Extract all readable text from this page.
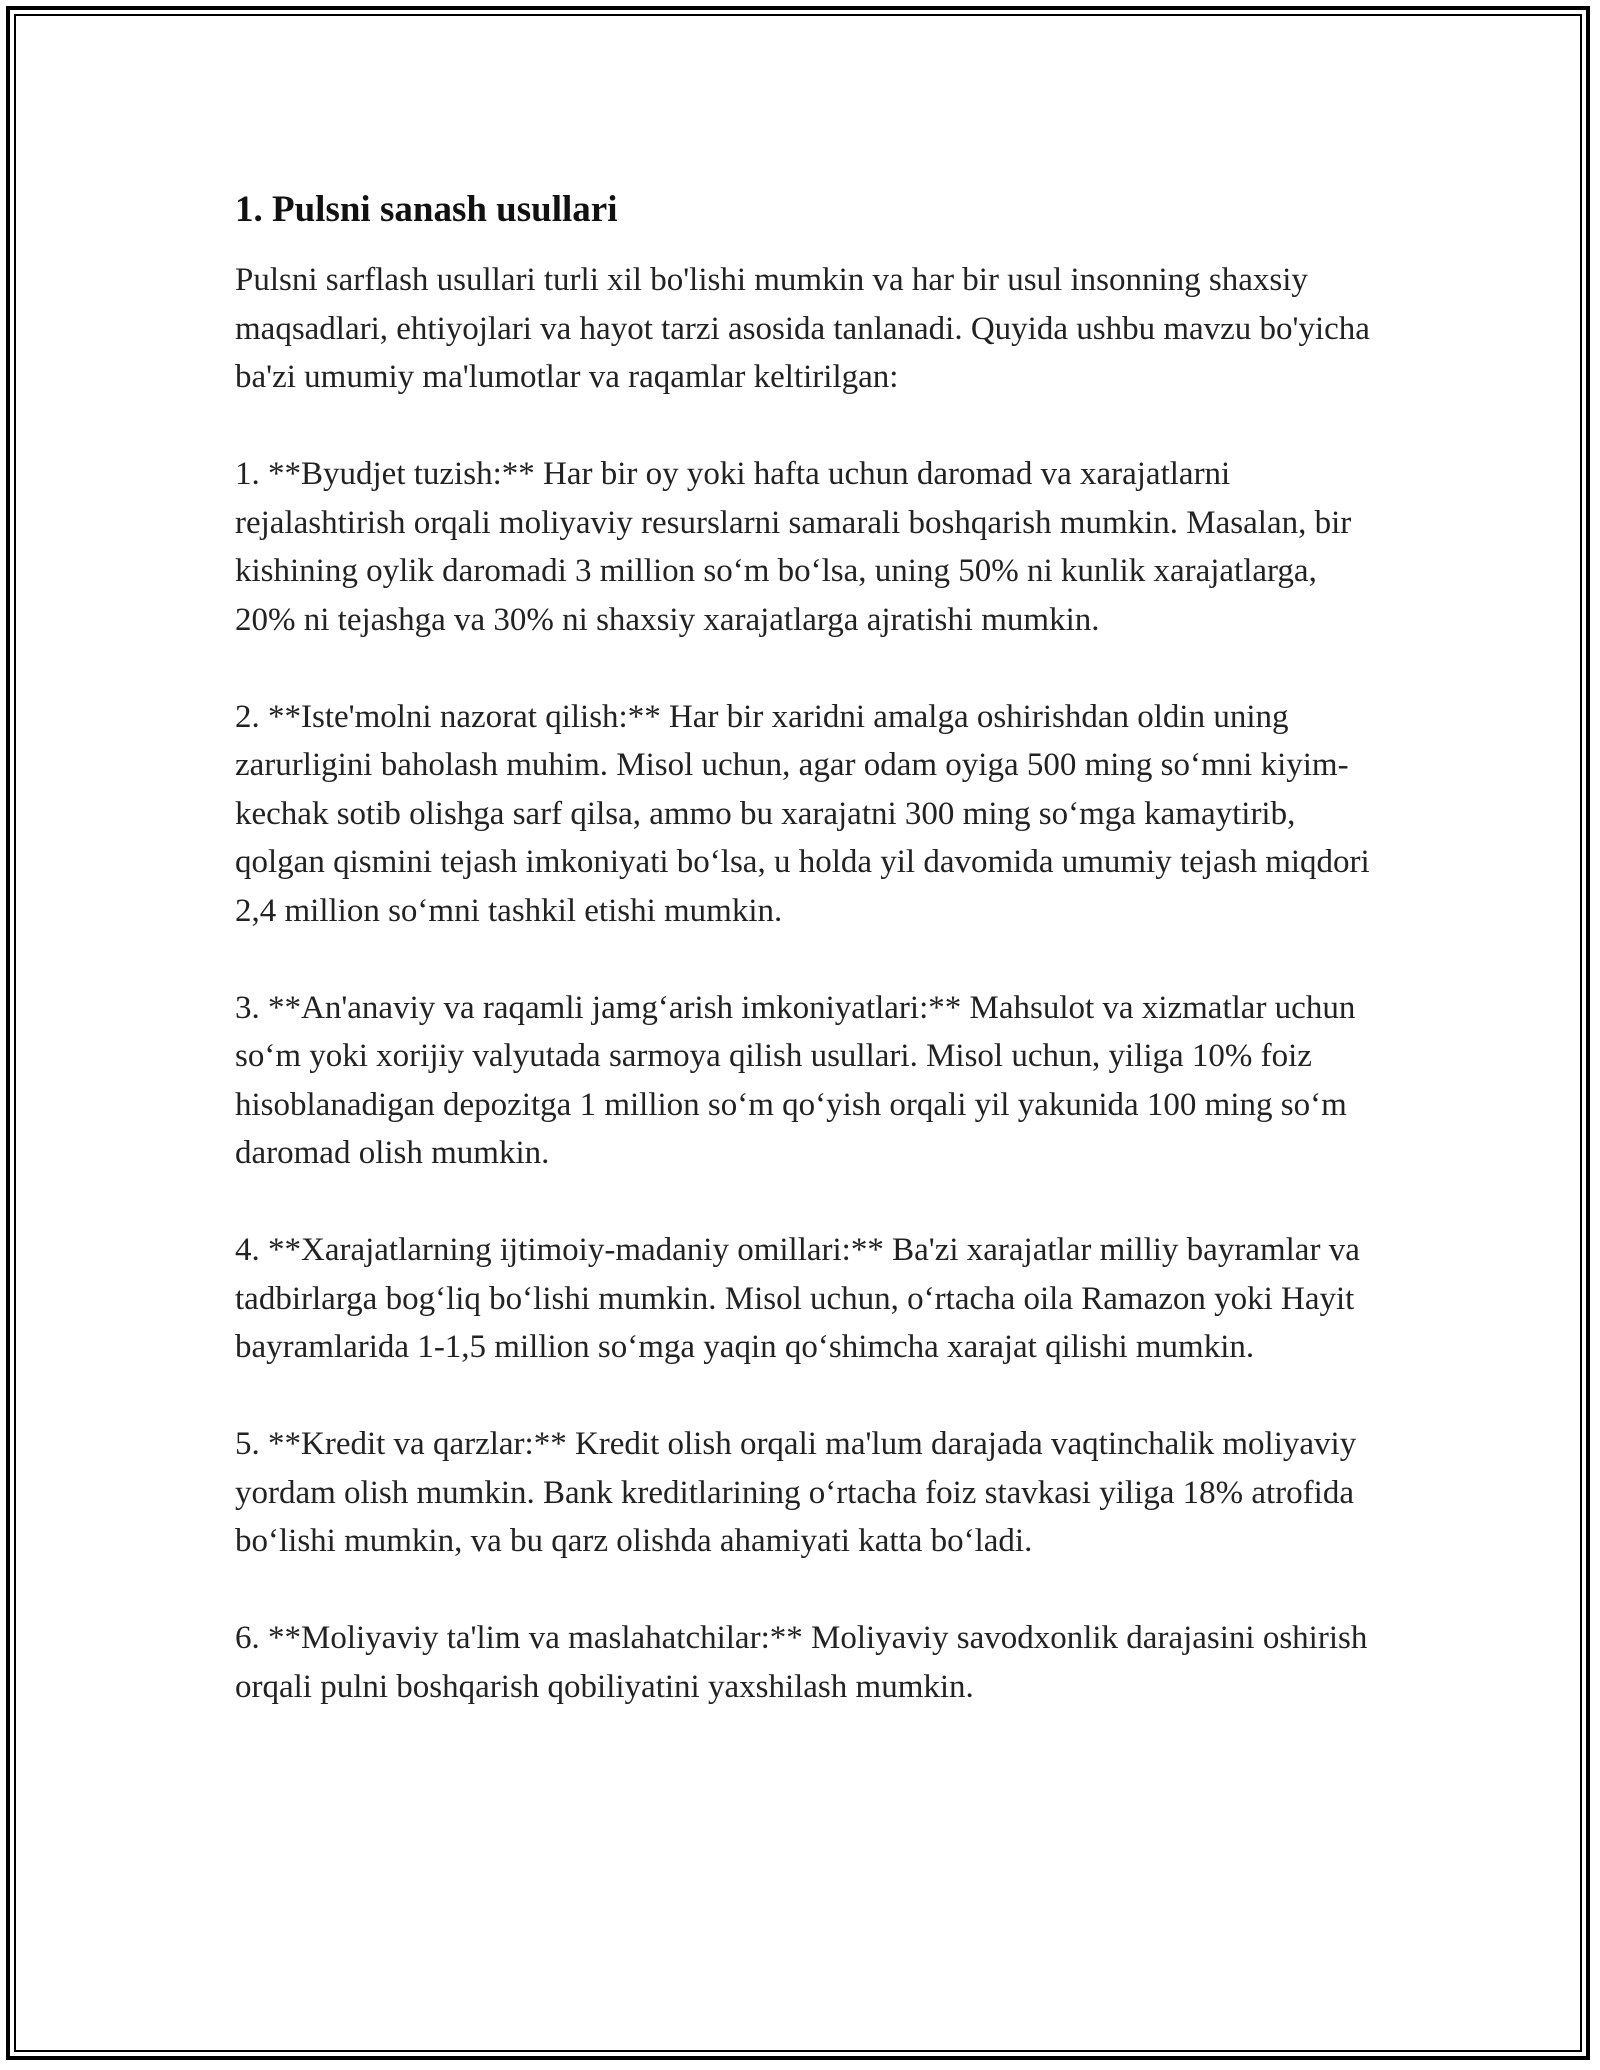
1. Pulsni sanash usullari

Pulsni sarflash usullari turli xil bo'lishi mumkin va har bir usul insonning shaxsiy maqsadlari, ehtiyojlari va hayot tarzi asosida tanlanadi. Quyida ushbu mavzu bo'yicha ba'zi umumiy ma'lumotlar va raqamlar keltirilgan:

1. **Byudjet tuzish:** Har bir oy yoki hafta uchun daromad va xarajatlarni rejalashtirish orqali moliyaviy resurslarni samarali boshqarish mumkin. Masalan, bir kishining oylik daromadi 3 million so‘m bo‘lsa, uning 50% ni kunlik xarajatlarga, 20% ni tejashga va 30% ni shaxsiy xarajatlarga ajratishi mumkin.

2. **Iste'molni nazorat qilish:** Har bir xaridni amalga oshirishdan oldin uning zarurligini baholash muhim. Misol uchun, agar odam oyiga 500 ming so‘mni kiyim-kechak sotib olishga sarf qilsa, ammo bu xarajatni 300 ming so‘mga kamaytirib, qolgan qismini tejash imkoniyati bo‘lsa, u holda yil davomida umumiy tejash miqdori 2,4 million so‘mni tashkil etishi mumkin.

3. **An'anaviy va raqamli jamg‘arish imkoniyatlari:** Mahsulot va xizmatlar uchun so‘m yoki xorijiy valyutada sarmoya qilish usullari. Misol uchun, yiliga 10% foiz hisoblanadigan depozitga 1 million so‘m qo‘yish orqali yil yakunida 100 ming so‘m daromad olish mumkin.

4. **Xarajatlarning ijtimoiy-madaniy omillari:** Ba'zi xarajatlar milliy bayramlar va tadbirlarga bog‘liq bo‘lishi mumkin. Misol uchun, o‘rtacha oila Ramazon yoki Hayit bayramlarida 1-1,5 million so‘mga yaqin qo‘shimcha xarajat qilishi mumkin.

5. **Kredit va qarzlar:** Kredit olish orqali ma'lum darajada vaqtinchalik moliyaviy yordam olish mumkin. Bank kreditlarining o‘rtacha foiz stavkasi yiliga 18% atrofida bo‘lishi mumkin, va bu qarz olishda ahamiyati katta bo‘ladi.

6. **Moliyaviy ta'lim va maslahatchilar:** Moliyaviy savodxonlik darajasini oshirish orqali pulni boshqarish qobiliyatini yaxshilash mumkin.
